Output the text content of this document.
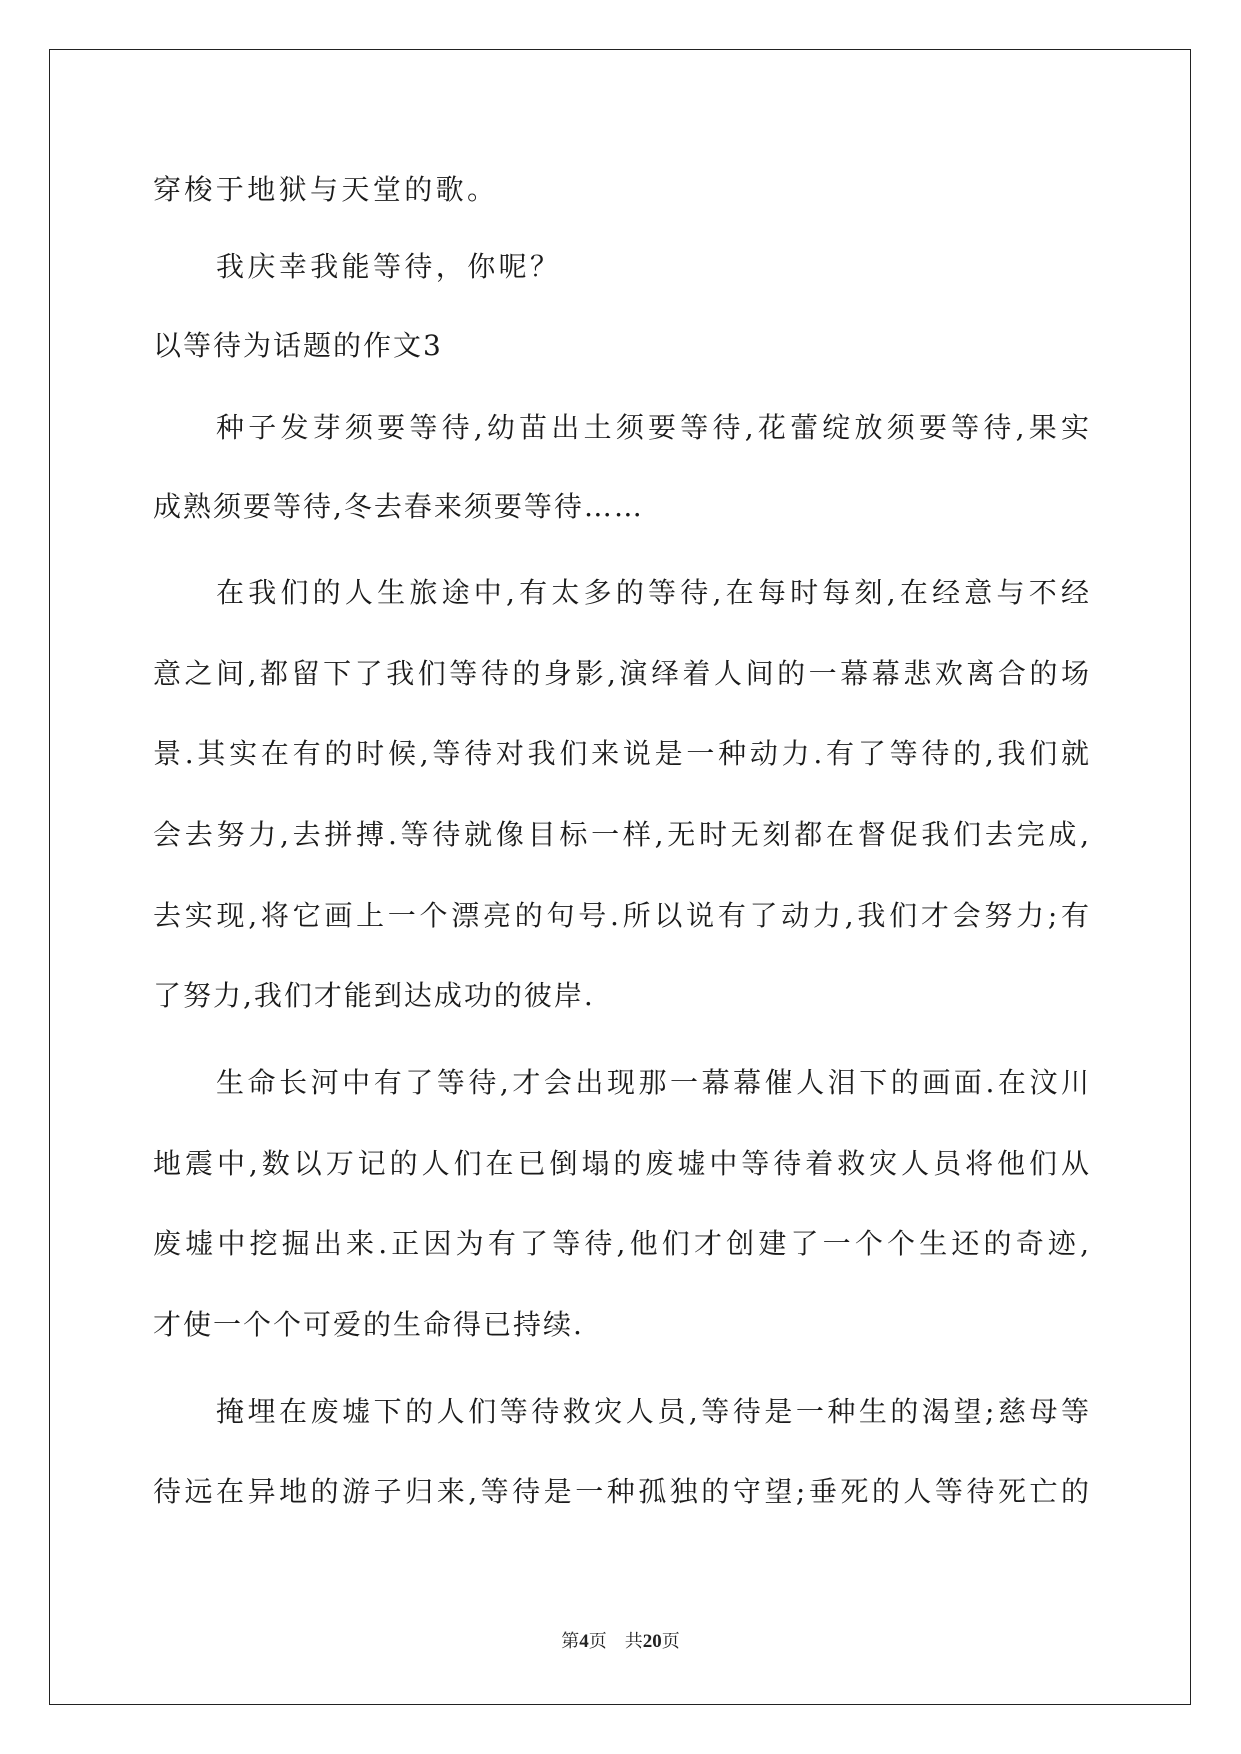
穿梭于地狱与天堂的歌。
我庆幸我能等待，你呢？
以等待为话题的作文3
种子发芽须要等待,幼苗出土须要等待,花蕾绽放须要等待,果实
成熟须要等待,冬去春来须要等待……
在我们的人生旅途中,有太多的等待,在每时每刻,在经意与不经
意之间,都留下了我们等待的身影,演绎着人间的一幕幕悲欢离合的场
景.其实在有的时候,等待对我们来说是一种动力.有了等待的,我们就
会去努力,去拼搏.等待就像目标一样,无时无刻都在督促我们去完成,
去实现,将它画上一个漂亮的句号.所以说有了动力,我们才会努力;有
了努力,我们才能到达成功的彼岸.
生命长河中有了等待,才会出现那一幕幕催人泪下的画面.在汶川
地震中,数以万记的人们在已倒塌的废墟中等待着救灾人员将他们从
废墟中挖掘出来.正因为有了等待,他们才创建了一个个生还的奇迹,
才使一个个可爱的生命得已持续.
掩埋在废墟下的人们等待救灾人员,等待是一种生的渴望;慈母等
待远在异地的游子归来,等待是一种孤独的守望;垂死的人等待死亡的
第4页 共20页
